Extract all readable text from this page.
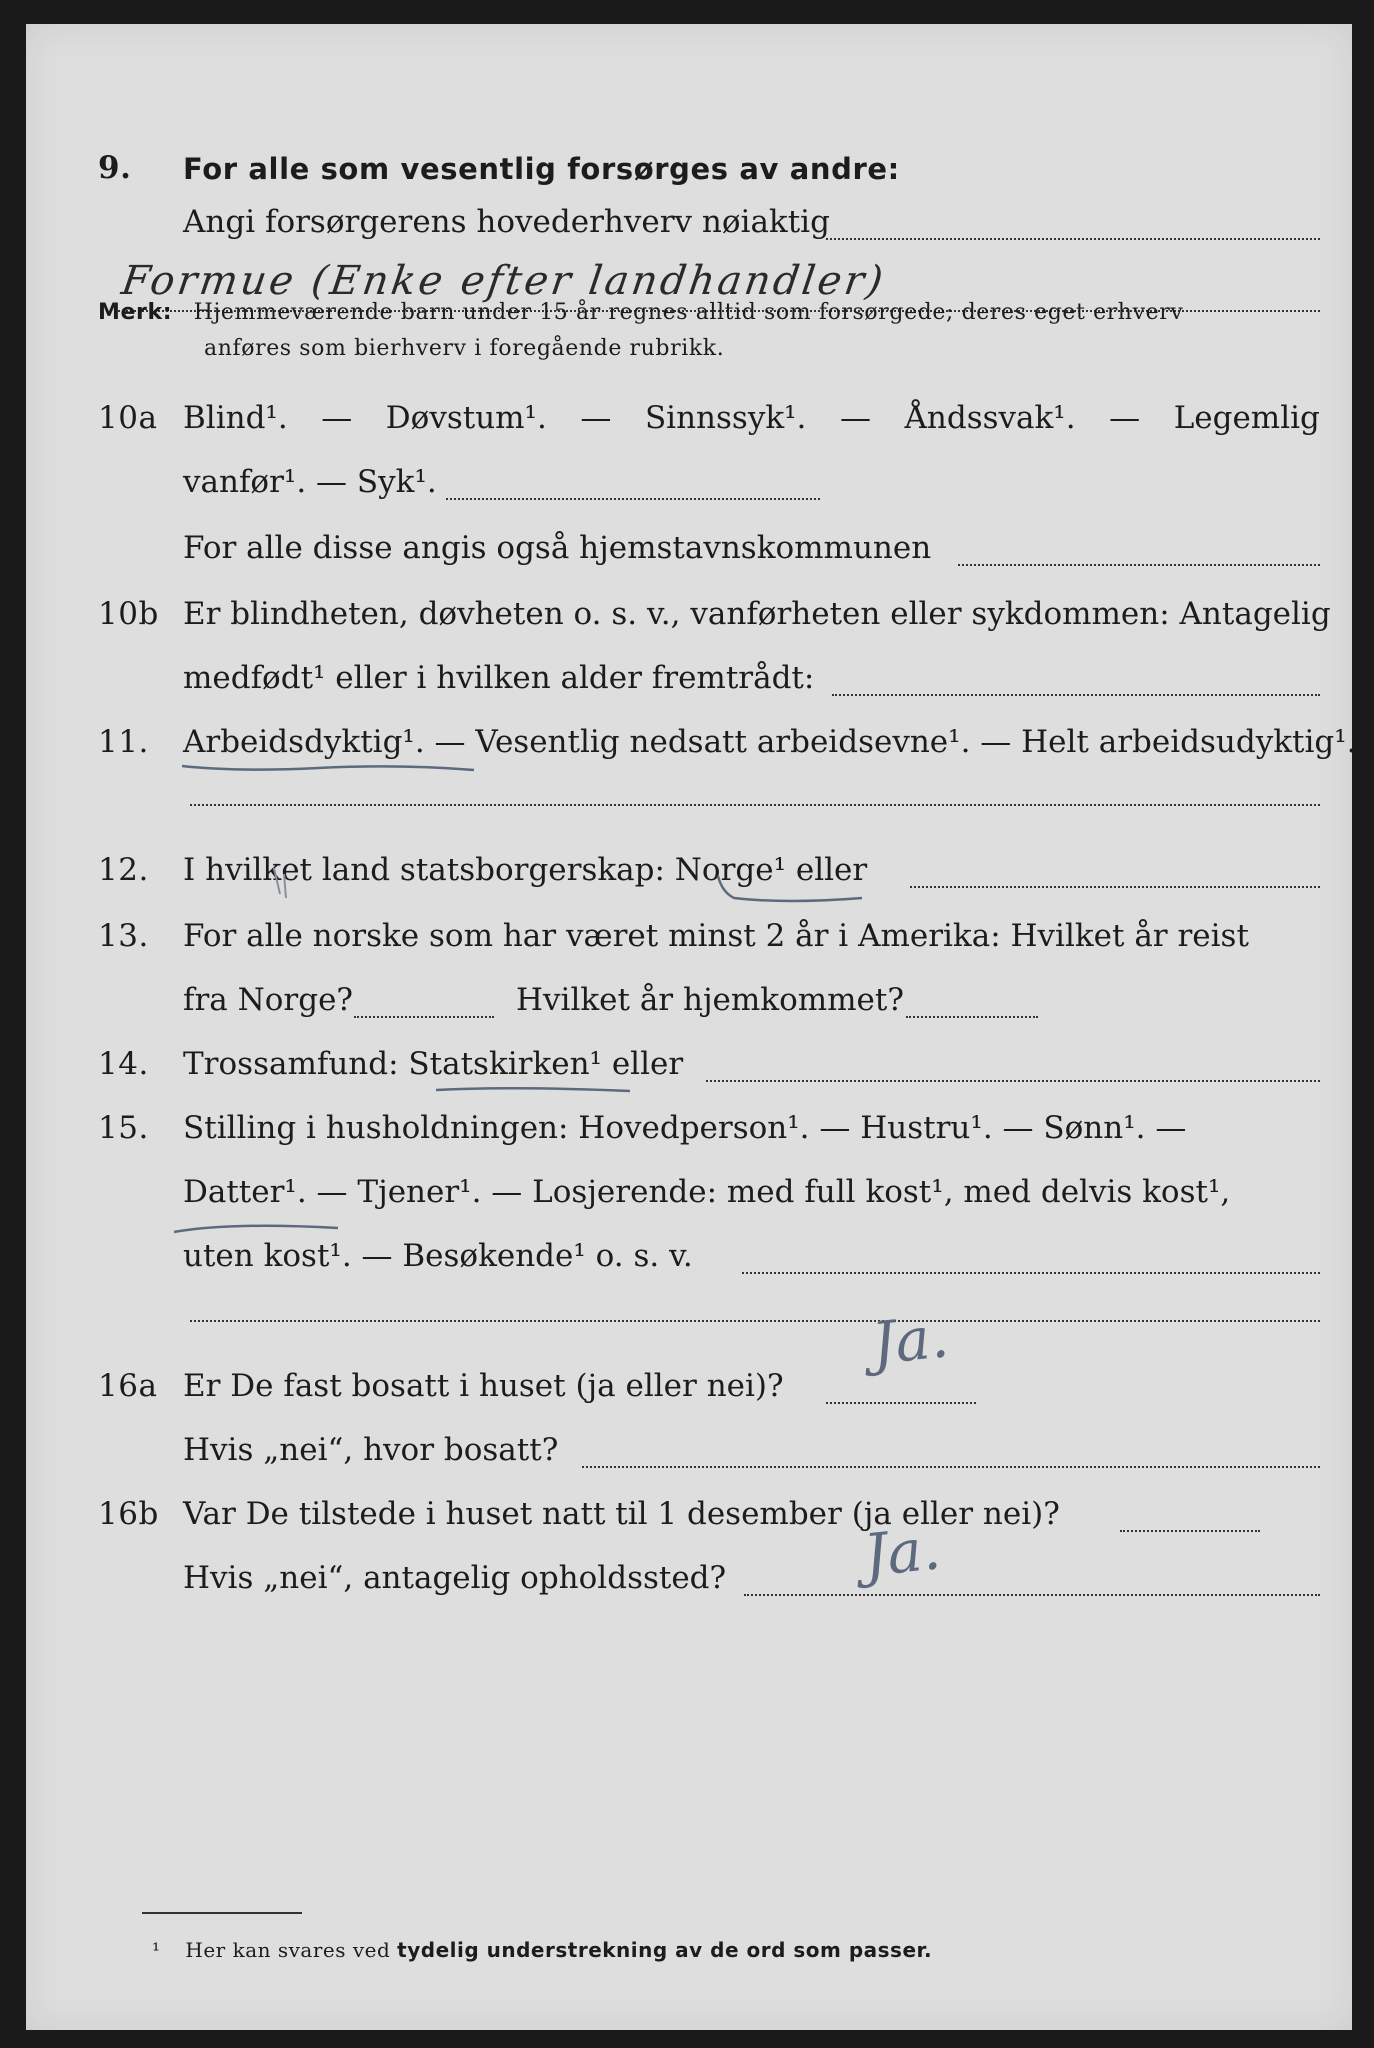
9. For alle som vesentlig forsørges av andre:
Angi forsørgerens hovederhverv nøiaktig
Formue (Enke efter landhandler)
Merk: Hjemmeværende barn under 15 år regnes alltid som forsørgede; deres eget erhverv
anføres som bierhverv i foregående rubrikk.
10a Blind¹. — Døvstum¹. — Sinnssyk¹. — Åndssvak¹. — Legemlig
vanfør¹. — Syk¹.
For alle disse angis også hjemstavnskommunen
10b Er blindheten, døvheten o. s. v., vanførheten eller sykdommen: Antagelig
medfødt¹ eller i hvilken alder fremtrådt:
11. Arbeidsdyktig¹. — Vesentlig nedsatt arbeidsevne¹. — Helt arbeidsudyktig¹.
12. I hvilket land statsborgerskap: Norge¹ eller
13. For alle norske som har været minst 2 år i Amerika: Hvilket år reist
fra Norge?	Hvilket år hjemkommet?
14. Trossamfund: Statskirken¹ eller
15. Stilling i husholdningen: Hovedperson¹. — Hustru¹. — Sønn¹. —
Datter¹. — Tjener¹. — Losjerende: med full kost¹, med delvis kost¹,
uten kost¹. — Besøkende¹ o. s. v.
16a Er De fast bosatt i huset (ja eller nei)?
Ja.
Hvis „nei“, hvor bosatt?
16b Var De tilstede i huset natt til 1 desember (ja eller nei)?
Hvis „nei“, antagelig opholdssted? Ja.
¹ Her kan svares ved tydelig understrekning av de ord som passer.
